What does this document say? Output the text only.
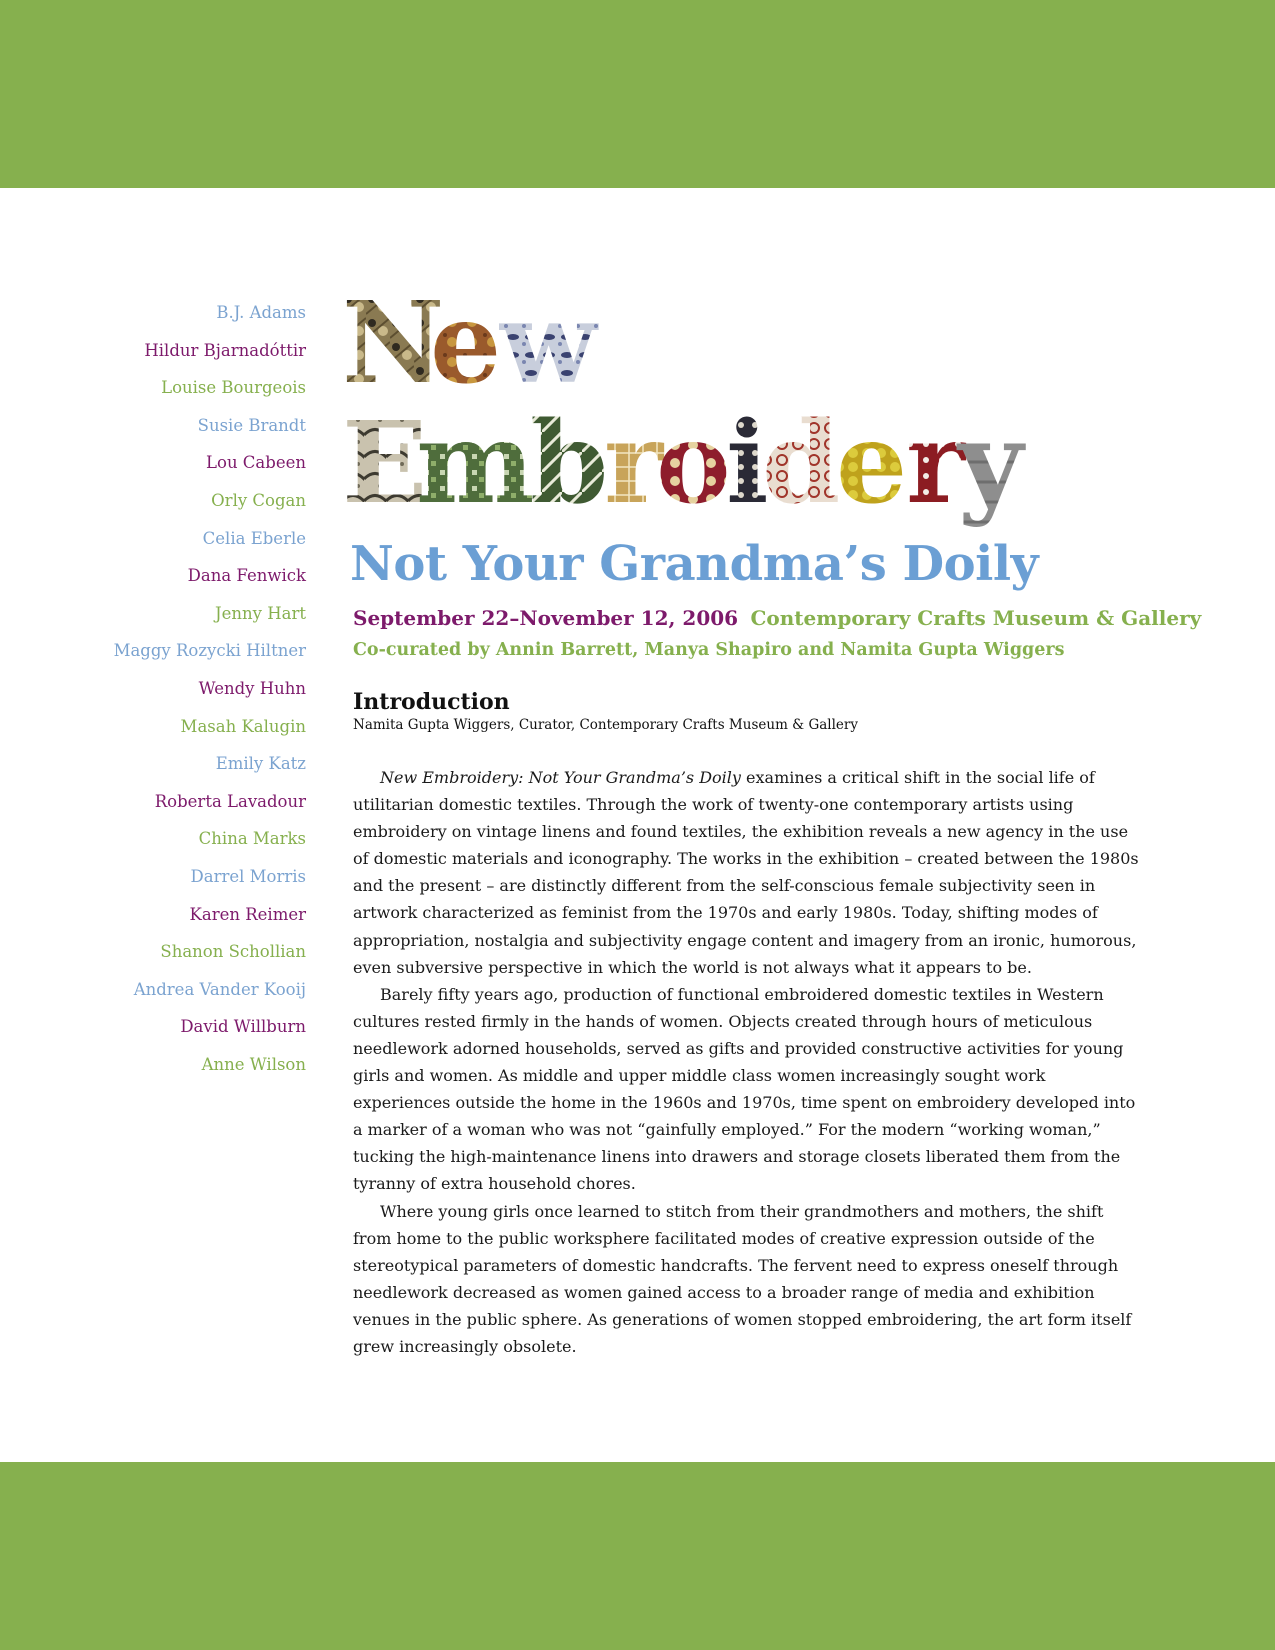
B.J. Adams
Hildur Bjarnadóttir
Louise Bourgeois
Susie Brandt
Lou Cabeen
Orly Cogan
Celia Eberle
Dana Fenwick
Jenny Hart
Maggy Rozycki Hiltner
Wendy Huhn
Masah Kalugin
Emily Katz
Roberta Lavadour
China Marks
Darrel Morris
Karen Reimer
Shanon Schollian
Andrea Vander Kooij
David Willburn
Anne Wilson
N
e
w
E
m
b
r
o
i
d
e
r
y
Not Your Grandma’s Doily
September 22–November 12, 2006 Contemporary Crafts Museum & Gallery
Co-curated by Annin Barrett, Manya Shapiro and Namita Gupta Wiggers
Introduction
Namita Gupta Wiggers, Curator, Contemporary Crafts Museum & Gallery

New Embroidery: Not Your Grandma’s Doily examines a critical shift in the social life of utilitarian domestic textiles. Through the work of twenty-one contemporary artists using embroidery on vintage linens and found textiles, the exhibition reveals a new agency in the use of domestic materials and iconography. The works in the exhibition – created between the 1980s and the present – are distinctly different from the self-conscious female subjectivity seen in artwork characterized as feminist from the 1970s and early 1980s. Today, shifting modes of appropriation, nostalgia and subjectivity engage content and imagery from an ironic, humorous, even subversive perspective in which the world is not always what it appears to be.

Barely fifty years ago, production of functional embroidered domestic textiles in Western cultures rested firmly in the hands of women. Objects created through hours of meticulous needlework adorned households, served as gifts and provided constructive activities for young girls and women. As middle and upper middle class women increasingly sought work experiences outside the home in the 1960s and 1970s, time spent on embroidery developed into a marker of a woman who was not “gainfully employed.” For the modern “working woman,” tucking the high-maintenance linens into drawers and storage closets liberated them from the tyranny of extra household chores.

Where young girls once learned to stitch from their grandmothers and mothers, the shift from home to the public worksphere facilitated modes of creative expression outside of the stereotypical parameters of domestic handcrafts. The fervent need to express oneself through needlework decreased as women gained access to a broader range of media and exhibition venues in the public sphere. As generations of women stopped embroidering, the art form itself grew increasingly obsolete.
